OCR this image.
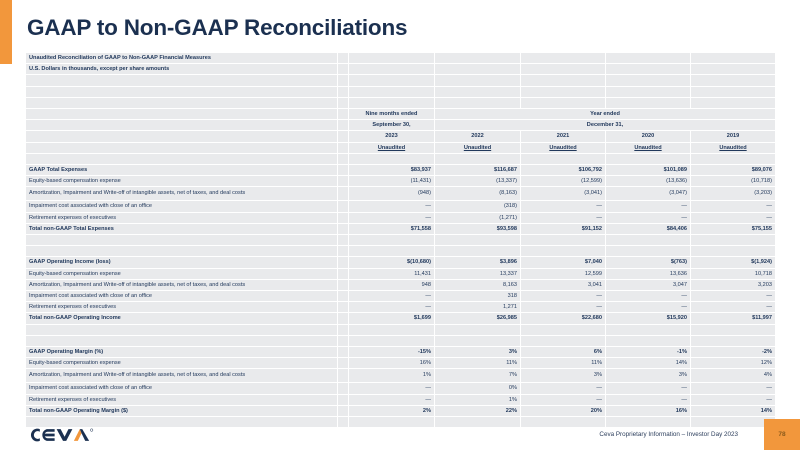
GAAP to Non-GAAP Reconciliations
Unaudited Reconciliation of GAAP to Non-GAAP Financial Measures						
U.S. Dollars in thousands, except per share amounts						

		Nine months ended	Year ended			
		September 30,	December 31,			
		2023	2022	2021	2020	2019
		Unaudited	Unaudited	Unaudited	Unaudited	Unaudited

GAAP Total Expenses		$83,937	$116,687	$106,792	$101,089	$89,076
Equity-based compensation expense		(11,431)	(13,337)	(12,599)	(13,636)	(10,718)
Amortization, Impairment and Write-off of intangible assets, net of taxes, and deal costs		(948)	(8,163)	(3,041)	(3,047)	(3,203)
Impairment cost associated with close of an office		—	(318)	—	—	—
Retirement expenses of executives		—	(1,271)	—	—	—
Total non-GAAP Total Expenses		$71,558	$93,598	$91,152	$84,406	$75,155

GAAP Operating Income (loss)		$(10,680)	$3,896	$7,040	$(763)	$(1,924)
Equity-based compensation expense		11,431	13,337	12,599	13,636	10,718
Amortization, Impairment and Write-off of intangible assets, net of taxes, and deal costs		948	8,163	3,041	3,047	3,203
Impairment cost associated with close of an office		—	318	—	—	—
Retirement expenses of executives		—	1,271	—	—	—
Total non-GAAP Operating Income		$1,699	$26,985	$22,680	$15,920	$11,997

GAAP Operating Margin (%)		-15%	3%	6%	-1%	-2%
Equity-based compensation expense		16%	11%	11%	14%	12%
Amortization, Impairment and Write-off of intangible assets, net of taxes, and deal costs		1%	7%	3%	3%	4%
Impairment cost associated with close of an office		—	0%	—	—	—
Retirement expenses of executives		—	1%	—	—	—
Total non-GAAP Operating Margin ($)		2%	22%	20%	16%	14%

Ceva Proprietary Information – Investor Day 2023	78
